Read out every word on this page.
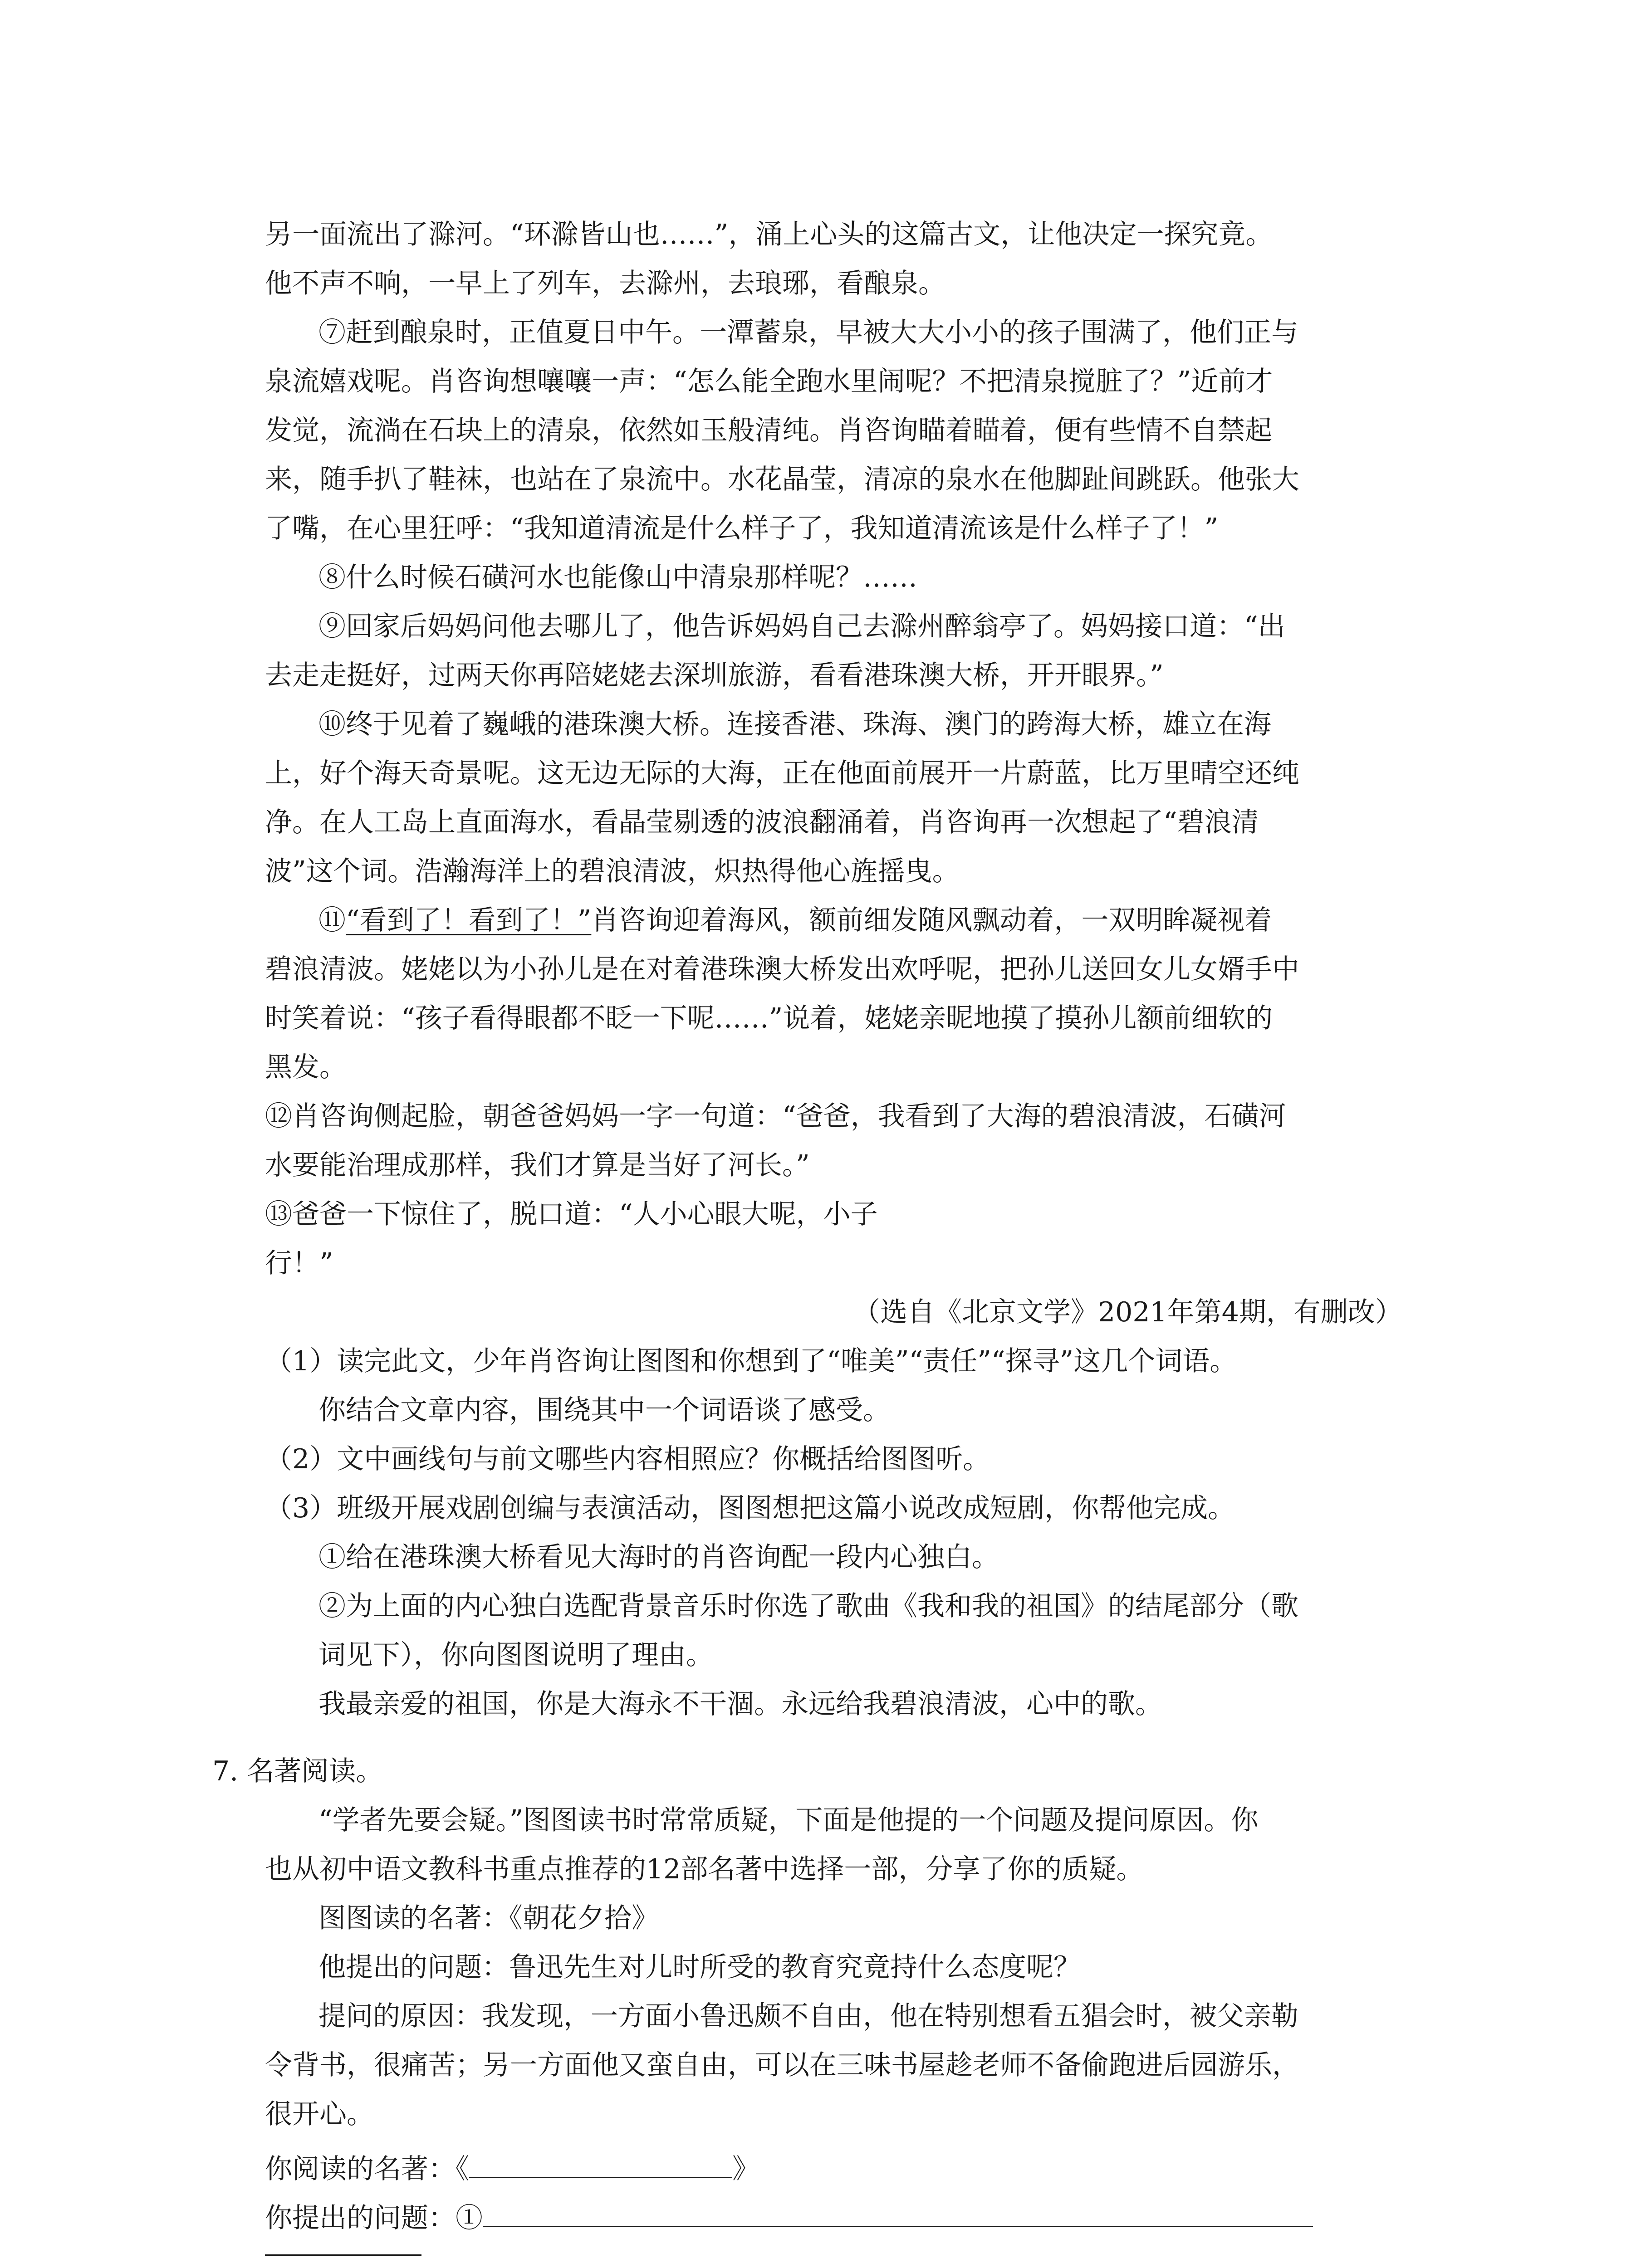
另一面流出了滁河。“环滁皆山也……”，涌上心头的这篇古文，让他决定一探究竟。
他不声不响，一早上了列车，去滁州，去琅琊，看酿泉。
⑦赶到酿泉时，正值夏日中午。一潭蓄泉，早被大大小小的孩子围满了，他们正与
泉流嬉戏呢。肖咨询想嚷嚷一声：“怎么能全跑水里闹呢？不把清泉搅脏了？”近前才
发觉，流淌在石块上的清泉，依然如玉般清纯。肖咨询瞄着瞄着，便有些情不自禁起
来，随手扒了鞋袜，也站在了泉流中。水花晶莹，清凉的泉水在他脚趾间跳跃。他张大
了嘴，在心里狂呼：“我知道清流是什么样子了，我知道清流该是什么样子了！”
⑧什么时候石磺河水也能像山中清泉那样呢？……
⑨回家后妈妈问他去哪儿了，他告诉妈妈自己去滁州醉翁亭了。妈妈接口道：“出
去走走挺好，过两天你再陪姥姥去深圳旅游，看看港珠澳大桥，开开眼界。”
⑩终于见着了巍峨的港珠澳大桥。连接香港、珠海、澳门的跨海大桥，雄立在海
上，好个海天奇景呢。这无边无际的大海，正在他面前展开一片蔚蓝，比万里晴空还纯
净。在人工岛上直面海水，看晶莹剔透的波浪翻涌着，肖咨询再一次想起了“碧浪清
波”这个词。浩瀚海洋上的碧浪清波，炽热得他心旌摇曳。
⑪“看到了！看到了！”肖咨询迎着海风，额前细发随风飘动着，一双明眸凝视着
碧浪清波。姥姥以为小孙儿是在对着港珠澳大桥发出欢呼呢，把孙儿送回女儿女婿手中
时笑着说：“孩子看得眼都不眨一下呢……”说着，姥姥亲昵地摸了摸孙儿额前细软的
黑发。
⑫肖咨询侧起脸，朝爸爸妈妈一字一句道：“爸爸，我看到了大海的碧浪清波，石磺河
水要能治理成那样，我们才算是当好了河长。”
⑬爸爸一下惊住了，脱口道：“人小心眼大呢，小子
行！”
（选自《北京文学》2021年第4期，有删改）
（1）读完此文，少年肖咨询让图图和你想到了“唯美”“责任”“探寻”这几个词语。
你结合文章内容，围绕其中一个词语谈了感受。
（2）文中画线句与前文哪些内容相照应？你概括给图图听。
（3）班级开展戏剧创编与表演活动，图图想把这篇小说改成短剧，你帮他完成。
①给在港珠澳大桥看见大海时的肖咨询配一段内心独白。
②为上面的内心独白选配背景音乐时你选了歌曲《我和我的祖国》的结尾部分（歌
词见下），你向图图说明了理由。
我最亲爱的祖国，你是大海永不干涸。永远给我碧浪清波，心中的歌。
7. 名著阅读。
“学者先要会疑。”图图读书时常常质疑，下面是他提的一个问题及提问原因。你
也从初中语文教科书重点推荐的12部名著中选择一部，分享了你的质疑。
图图读的名著：《朝花夕拾》
他提出的问题：鲁迅先生对儿时所受的教育究竟持什么态度呢？
提问的原因：我发现，一方面小鲁迅颇不自由，他在特别想看五猖会时，被父亲勒
令背书，很痛苦；另一方面他又蛮自由，可以在三味书屋趁老师不备偷跑进后园游乐，
很开心。
你阅读的名著：《	》
你提出的问题：①
